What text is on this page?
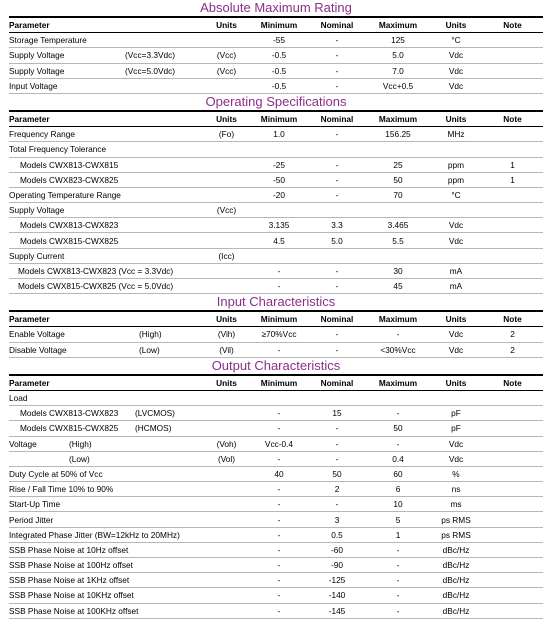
Absolute Maximum Rating
Parameter	Units	Minimum	Nominal	Maximum	Units	Note
Storage Temperature		-55	-	125	°C	
Supply Voltage (Vcc=3.3Vdc)	(Vcc)	-0.5	-	5.0	Vdc	
Supply Voltage (Vcc=5.0Vdc)	(Vcc)	-0.5	-	7.0	Vdc	
Input Voltage		-0.5	-	Vcc+0.5	Vdc	
Operating Specifications
Parameter	Units	Minimum	Nominal	Maximum	Units	Note
Frequency Range	(Fo)	1.0	-	156.25	MHz	
Total Frequency Tolerance						
Models CWX813-CWX815		-25	-	25	ppm	1
Models CWX823-CWX825		-50	-	50	ppm	1
Operating Temperature Range		-20	-	70	°C	
Supply Voltage	(Vcc)					
Models CWX813-CWX823		3.135	3.3	3.465	Vdc	
Models CWX815-CWX825		4.5	5.0	5.5	Vdc	
Supply Current	(Icc)					
Models CWX813-CWX823 (Vcc = 3.3Vdc)		-	-	30	mA	
Models CWX815-CWX825 (Vcc = 5.0Vdc)		-	-	45	mA	
Input Characteristics
Parameter	Units	Minimum	Nominal	Maximum	Units	Note
Enable Voltage (High)	(Vih)	≥70%Vcc	-	-	Vdc	2
Disable Voltage (Low)	(Vil)	-	-	<30%Vcc	Vdc	2
Output Characteristics
Parameter	Units	Minimum	Nominal	Maximum	Units	Note
Load						
Models CWX813-CWX823 (LVCMOS)		-	15	-	pF	
Models CWX815-CWX825 (HCMOS)		-	-	50	pF	
Voltage (High)	(Voh)	Vcc-0.4	-	-	Vdc	

(Low)	(Vol)	-	-	0.4	Vdc	
Duty Cycle at 50% of Vcc		40	50	60	%	
Rise / Fall Time 10% to 90%		-	2	6	ns	
Start-Up Time		-	-	10	ms	
Period Jitter		-	3	5	ps RMS	
Integrated Phase Jitter (BW=12kHz to 20MHz)		-	0.5	1	ps RMS	
SSB Phase Noise at 10Hz offset		-	-60	-	dBc/Hz	
SSB Phase Noise at 100Hz offset		-	-90	-	dBc/Hz	
SSB Phase Noise at 1KHz offset		-	-125	-	dBc/Hz	
SSB Phase Noise at 10KHz offset		-	-140	-	dBc/Hz	
SSB Phase Noise at 100KHz offset		-	-145	-	dBc/Hz	
